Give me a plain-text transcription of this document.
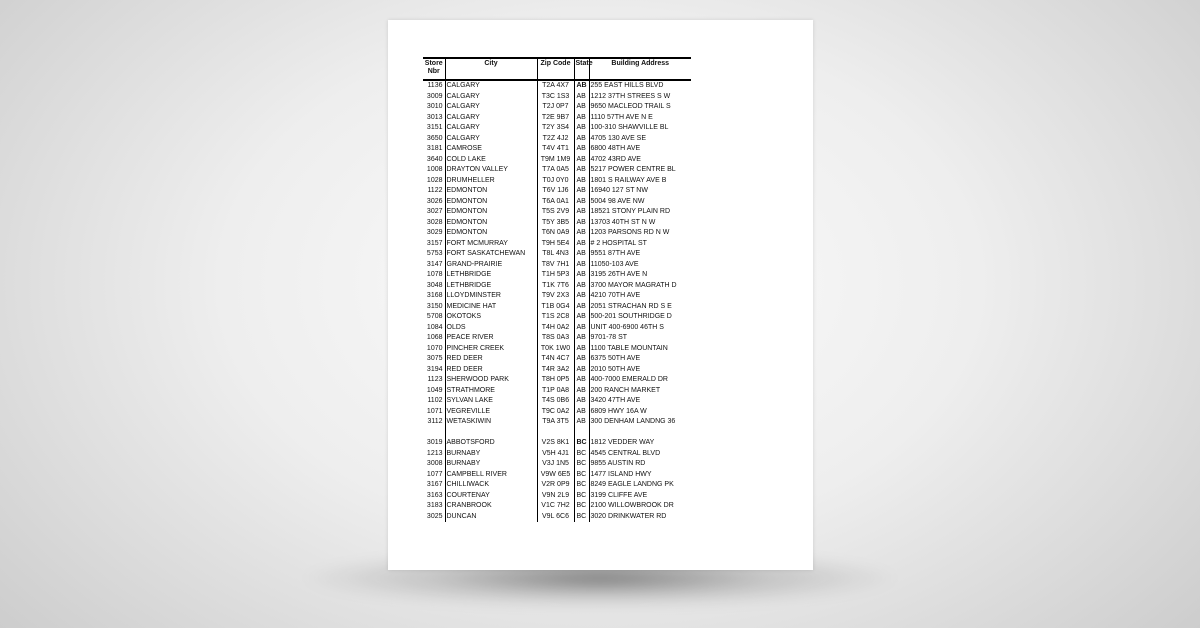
Store Nbr	City	Zip Code	State	Building Address
1136	CALGARY	T2A 4X7	AB	255 EAST HILLS BLVD
3009	CALGARY	T3C 1S3	AB	1212 37TH STREES S W
3010	CALGARY	T2J 0P7	AB	9650 MACLEOD TRAIL S
3013	CALGARY	T2E 9B7	AB	1110 57TH AVE N E
3151	CALGARY	T2Y 3S4	AB	100-310 SHAWVILLE BL
3650	CALGARY	T2Z 4J2	AB	4705 130 AVE SE
3181	CAMROSE	T4V 4T1	AB	6800 48TH AVE
3640	COLD LAKE	T9M 1M9	AB	4702 43RD AVE
1008	DRAYTON VALLEY	T7A 0A5	AB	5217 POWER CENTRE BL
1028	DRUMHELLER	T0J 0Y0	AB	1801 S RAILWAY AVE B
1122	EDMONTON	T6V 1J6	AB	16940 127 ST NW
3026	EDMONTON	T6A 0A1	AB	5004 98 AVE NW
3027	EDMONTON	T5S 2V9	AB	18521 STONY PLAIN RD
3028	EDMONTON	T5Y 3B5	AB	13703 40TH ST N W
3029	EDMONTON	T6N 0A9	AB	1203 PARSONS RD N W
3157	FORT MCMURRAY	T9H 5E4	AB	# 2 HOSPITAL ST
5753	FORT SASKATCHEWAN	T8L 4N3	AB	9551 87TH AVE
3147	GRAND-PRAIRIE	T8V 7H1	AB	11050-103 AVE
1078	LETHBRIDGE	T1H 5P3	AB	3195 26TH AVE N
3048	LETHBRIDGE	T1K 7T6	AB	3700 MAYOR MAGRATH D
3168	LLOYDMINSTER	T9V 2X3	AB	4210 70TH AVE
3150	MEDICINE HAT	T1B 0G4	AB	2051 STRACHAN RD S E
5708	OKOTOKS	T1S 2C8	AB	500-201 SOUTHRIDGE D
1084	OLDS	T4H 0A2	AB	UNIT 400-6900 46TH S
1068	PEACE RIVER	T8S 0A3	AB	9701-78 ST
1070	PINCHER CREEK	T0K 1W0	AB	1100 TABLE MOUNTAIN
3075	RED DEER	T4N 4C7	AB	6375 50TH AVE
3194	RED DEER	T4R 3A2	AB	2010 50TH AVE
1123	SHERWOOD PARK	T8H 0P5	AB	400-7000 EMERALD DR
1049	STRATHMORE	T1P 0A8	AB	200 RANCH MARKET
1102	SYLVAN LAKE	T4S 0B6	AB	3420 47TH AVE
1071	VEGREVILLE	T9C 0A2	AB	6809 HWY 16A W
3112	WETASKIWIN	T9A 3T5	AB	300 DENHAM LANDNG 36

3019	ABBOTSFORD	V2S 8K1	BC	1812 VEDDER WAY
1213	BURNABY	V5H 4J1	BC	4545 CENTRAL BLVD
3008	BURNABY	V3J 1N5	BC	9855 AUSTIN RD
1077	CAMPBELL RIVER	V9W 6E5	BC	1477 ISLAND HWY
3167	CHILLIWACK	V2R 0P9	BC	8249 EAGLE LANDNG PK
3163	COURTENAY	V9N 2L9	BC	3199 CLIFFE AVE
3183	CRANBROOK	V1C 7H2	BC	2100 WILLOWBROOK DR
3025	DUNCAN	V9L 6C6	BC	3020 DRINKWATER RD
